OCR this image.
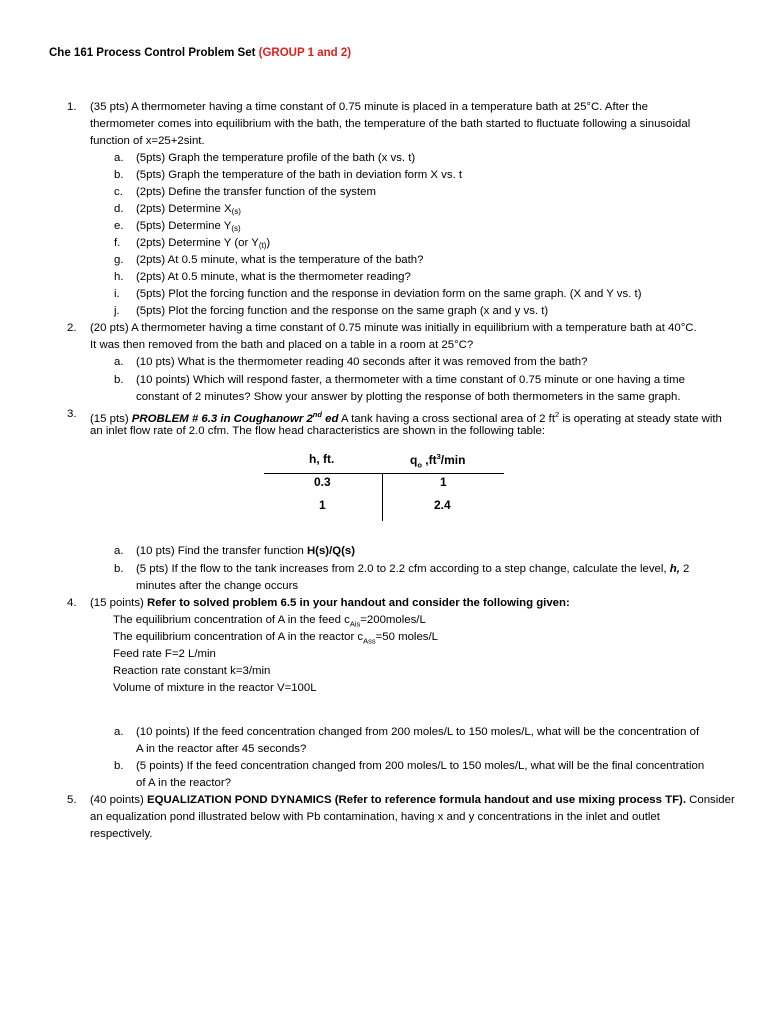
Che 161 Process Control Problem Set (GROUP 1 and 2)
1. (35 pts) A thermometer having a time constant of 0.75 minute is placed in a temperature bath at 25°C. After the
thermometer comes into equilibrium with the bath, the temperature of the bath started to fluctuate following a sinusoidal
function of x=25+2sint.
a. (5pts) Graph the temperature profile of the bath (x vs. t)
b. (5pts) Graph the temperature of the bath in deviation form X vs. t
c. (2pts) Define the transfer function of the system
d. (2pts) Determine X(s)
e. (5pts) Determine Y(s)
f. (2pts) Determine Y (or Y(t))
g. (2pts) At 0.5 minute, what is the temperature of the bath?
h. (2pts) At 0.5 minute, what is the thermometer reading?
i. (5pts) Plot the forcing function and the response in deviation form on the same graph. (X and Y vs. t)
j. (5pts) Plot the forcing function and the response on the same graph (x and y vs. t)
2. (20 pts) A thermometer having a time constant of 0.75 minute was initially in equilibrium with a temperature bath at 40°C.
It was then removed from the bath and placed on a table in a room at 25°C?
a. (10 pts) What is the thermometer reading 40 seconds after it was removed from the bath?
b. (10 points) Which will respond faster, a thermometer with a time constant of 0.75 minute or one having a time
constant of 2 minutes? Show your answer by plotting the response of both thermometers in the same graph.
3. (15 pts) PROBLEM # 6.3 in Coughanowr 2nd ed A tank having a cross sectional area of 2 $ft^2$ is operating at steady state with
an inlet flow rate of 2.0 cfm. The flow head characteristics are shown in the following table:
h, ft.	$q_o$ $,ft^3/\min$
0.3	1
1	2.4
a. (10 pts) Find the transfer function H(s)/Q(s)
b. (5 pts) If the flow to the tank increases from 2.0 to 2.2 cfm according to a step change, calculate the level, h, 2
minutes after the change occurs
4. (15 points) Refer to solved problem 6.5 in your handout and consider the following given:
The equilibrium concentration of A in the feed $c_{Ais}=200moles/L$
The equilibrium concentration of A in the reactor $c_{Ass}=50$ moles/L
Feed rate F=2 L/min
Reaction rate constant k=3/min
Volume of mixture in the reactor V=100L
a. (10 points) If the feed concentration changed from 200 moles/L to 150 moles/L, what will be the concentration of
A in the reactor after 45 seconds?
b. (5 points) If the feed concentration changed from 200 moles/L to 150 moles/L, what will be the final concentration
of A in the reactor?
5. (40 points) EQUALIZATION POND DYNAMICS (Refer to reference formula handout and use mixing process TF). Consider
an equalization pond illustrated below with Pb contamination, having x and y concentrations in the inlet and outlet
respectively.
